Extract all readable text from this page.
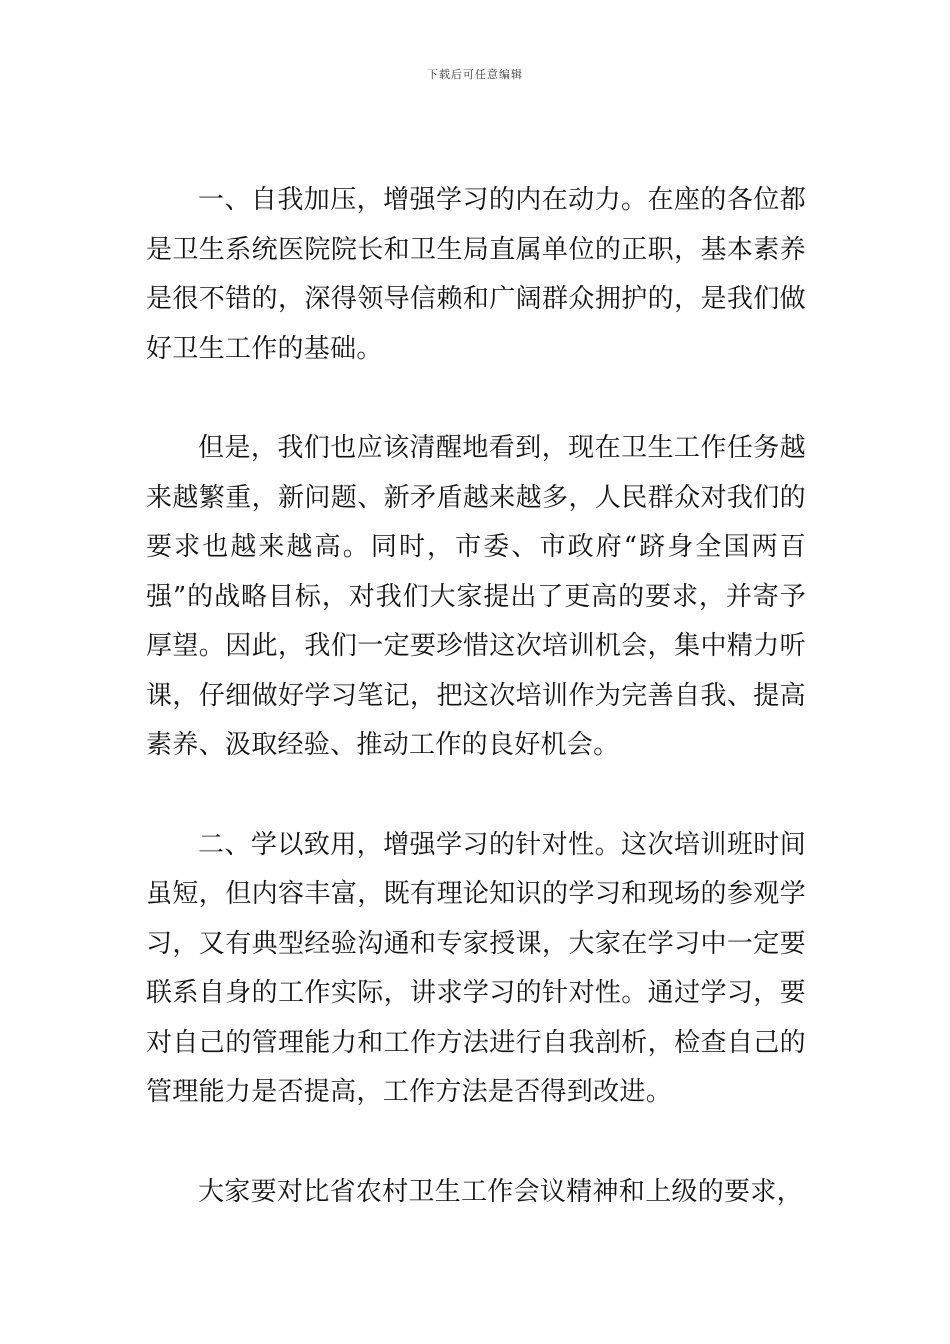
下载后可任意编辑

一、自我加压，增强学习的内在动力。在座的各位都是卫生系统医院院长和卫生局直属单位的正职，基本素养是很不错的，深得领导信赖和广阔群众拥护的，是我们做好卫生工作的基础。

但是，我们也应该清醒地看到，现在卫生工作任务越来越繁重，新问题、新矛盾越来越多，人民群众对我们的要求也越来越高。同时，市委、市政府“跻身全国两百强”的战略目标，对我们大家提出了更高的要求，并寄予厚望。因此，我们一定要珍惜这次培训机会，集中精力听课，仔细做好学习笔记，把这次培训作为完善自我、提高素养、汲取经验、推动工作的良好机会。

二、学以致用，增强学习的针对性。这次培训班时间虽短，但内容丰富，既有理论知识的学习和现场的参观学习，又有典型经验沟通和专家授课，大家在学习中一定要联系自身的工作实际，讲求学习的针对性。通过学习，要对自己的管理能力和工作方法进行自我剖析，检查自己的管理能力是否提高，工作方法是否得到改进。

大家要对比省农村卫生工作会议精神和上级的要求，
